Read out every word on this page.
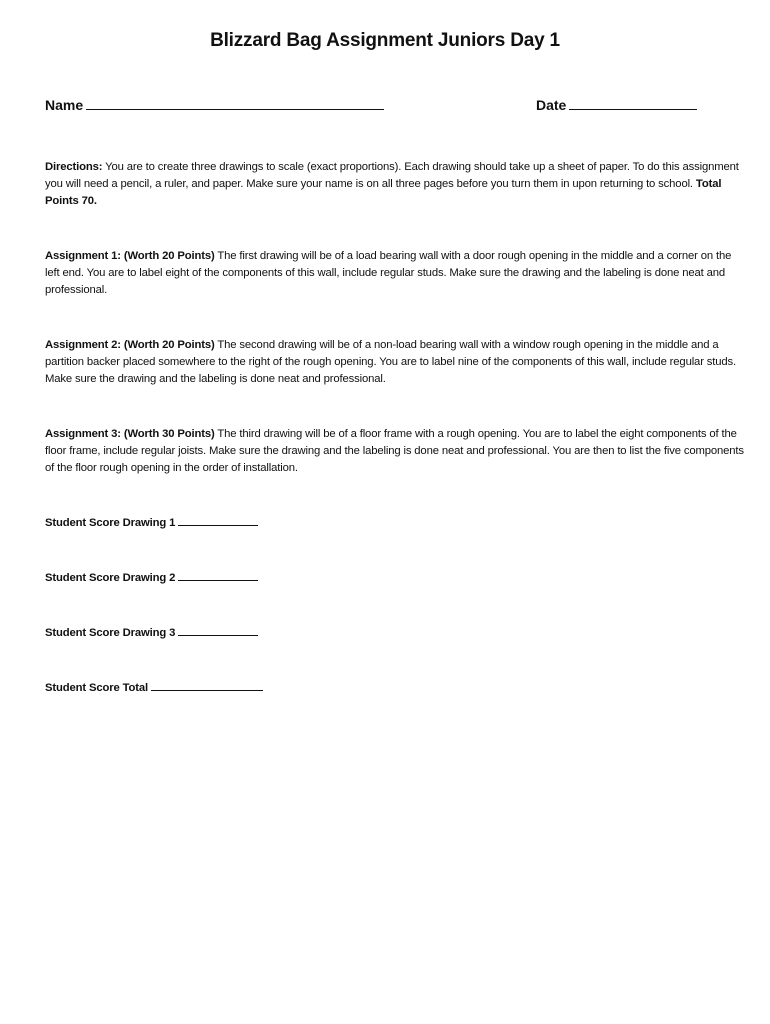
Blizzard Bag Assignment Juniors Day 1
Name	Date
Directions: You are to create three drawings to scale (exact proportions). Each drawing should take up a sheet of paper. To do this assignment you will need a pencil, a ruler, and paper. Make sure your name is on all three pages before you turn them in upon returning to school. Total Points 70.
Assignment 1: (Worth 20 Points) The first drawing will be of a load bearing wall with a door rough opening in the middle and a corner on the left end. You are to label eight of the components of this wall, include regular studs. Make sure the drawing and the labeling is done neat and professional.
Assignment 2: (Worth 20 Points) The second drawing will be of a non-load bearing wall with a window rough opening in the middle and a partition backer placed somewhere to the right of the rough opening. You are to label nine of the components of this wall, include regular studs. Make sure the drawing and the labeling is done neat and professional.
Assignment 3: (Worth 30 Points) The third drawing will be of a floor frame with a rough opening. You are to label the eight components of the floor frame, include regular joists. Make sure the drawing and the labeling is done neat and professional. You are then to list the five components of the floor rough opening in the order of installation.
Student Score Drawing 1
Student Score Drawing 2
Student Score Drawing 3
Student Score Total
